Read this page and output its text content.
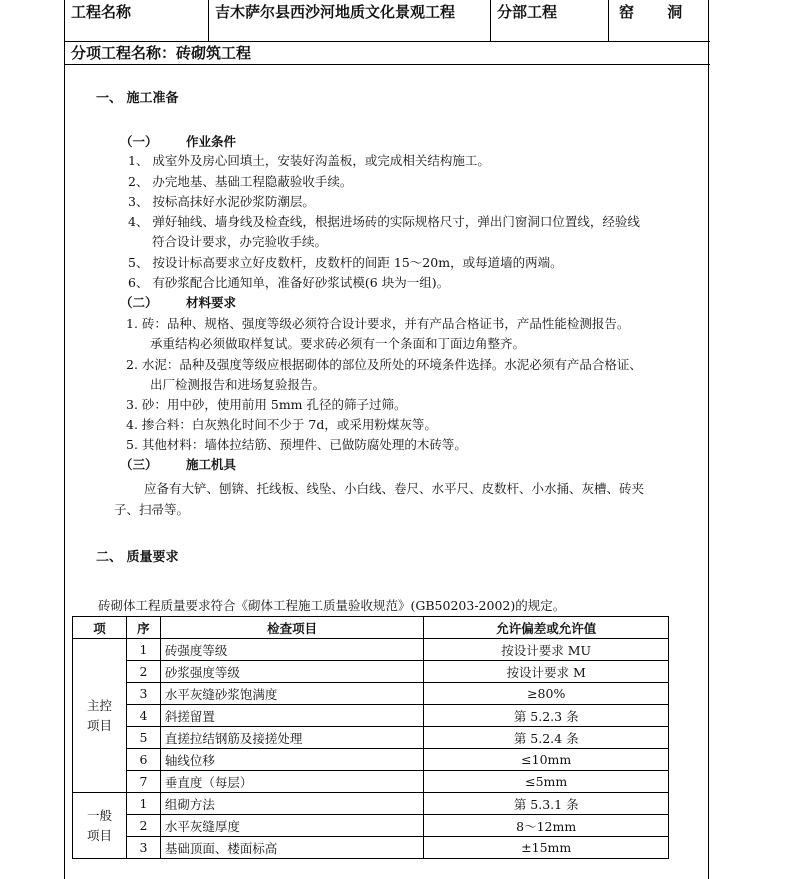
工程名称	吉木萨尔县西沙河地质文化景观工程	分部工程	窑 洞
分项工程名称：砖砌筑工程
一、 施工准备
（一） 作业条件
1、 成室外及房心回填土，安装好沟盖板，或完成相关结构施工。
2、 办完地基、基础工程隐蔽验收手续。
3、 按标高抹好水泥砂浆防潮层。
4、 弹好轴线、墙身线及检查线，根据进场砖的实际规格尺寸，弹出门窗洞口位置线，经验线
符合设计要求，办完验收手续。
5、 按设计标高要求立好皮数杆，皮数杆的间距 15～20m，或每道墙的两端。
6、 有砂浆配合比通知单，准备好砂浆试模(6 块为一组)。
（二） 材料要求
1. 砖：品种、规格、强度等级必须符合设计要求，并有产品合格证书，产品性能检测报告。
承重结构必须做取样复试。要求砖必须有一个条面和丁面边角整齐。
2. 水泥：品种及强度等级应根据砌体的部位及所处的环境条件选择。水泥必须有产品合格证、
出厂检测报告和进场复验报告。
3. 砂：用中砂，使用前用 5mm 孔径的筛子过筛。
4. 掺合料：白灰熟化时间不少于 7d，或采用粉煤灰等。
5. 其他材料：墙体拉结筋、预埋件、已做防腐处理的木砖等。
（三） 施工机具
应备有大铲、刨锛、托线板、线坠、小白线、卷尺、水平尺、皮数杆、小水捅、灰槽、砖夹
子、扫帚等。
二、 质量要求
砖砌体工程质量要求符合《砌体工程施工质量验收规范》(GB50203-2002)的规定。
项	序	检查项目	允许偏差或允许值
主控项目	1	砖强度等级	按设计要求 MU
	2	砂浆强度等级	按设计要求 M
	3	水平灰缝砂浆饱满度	≥80%
	4	斜搓留置	第 5.2.3 条
	5	直搓拉结钢筋及接搓处理	第 5.2.4 条
	6	轴线位移	≤10mm
	7	垂直度（每层）	≤5mm
一般项目	1	组砌方法	第 5.3.1 条
	2	水平灰缝厚度	8～12mm
	3	基础顶面、楼面标高	±15mm
